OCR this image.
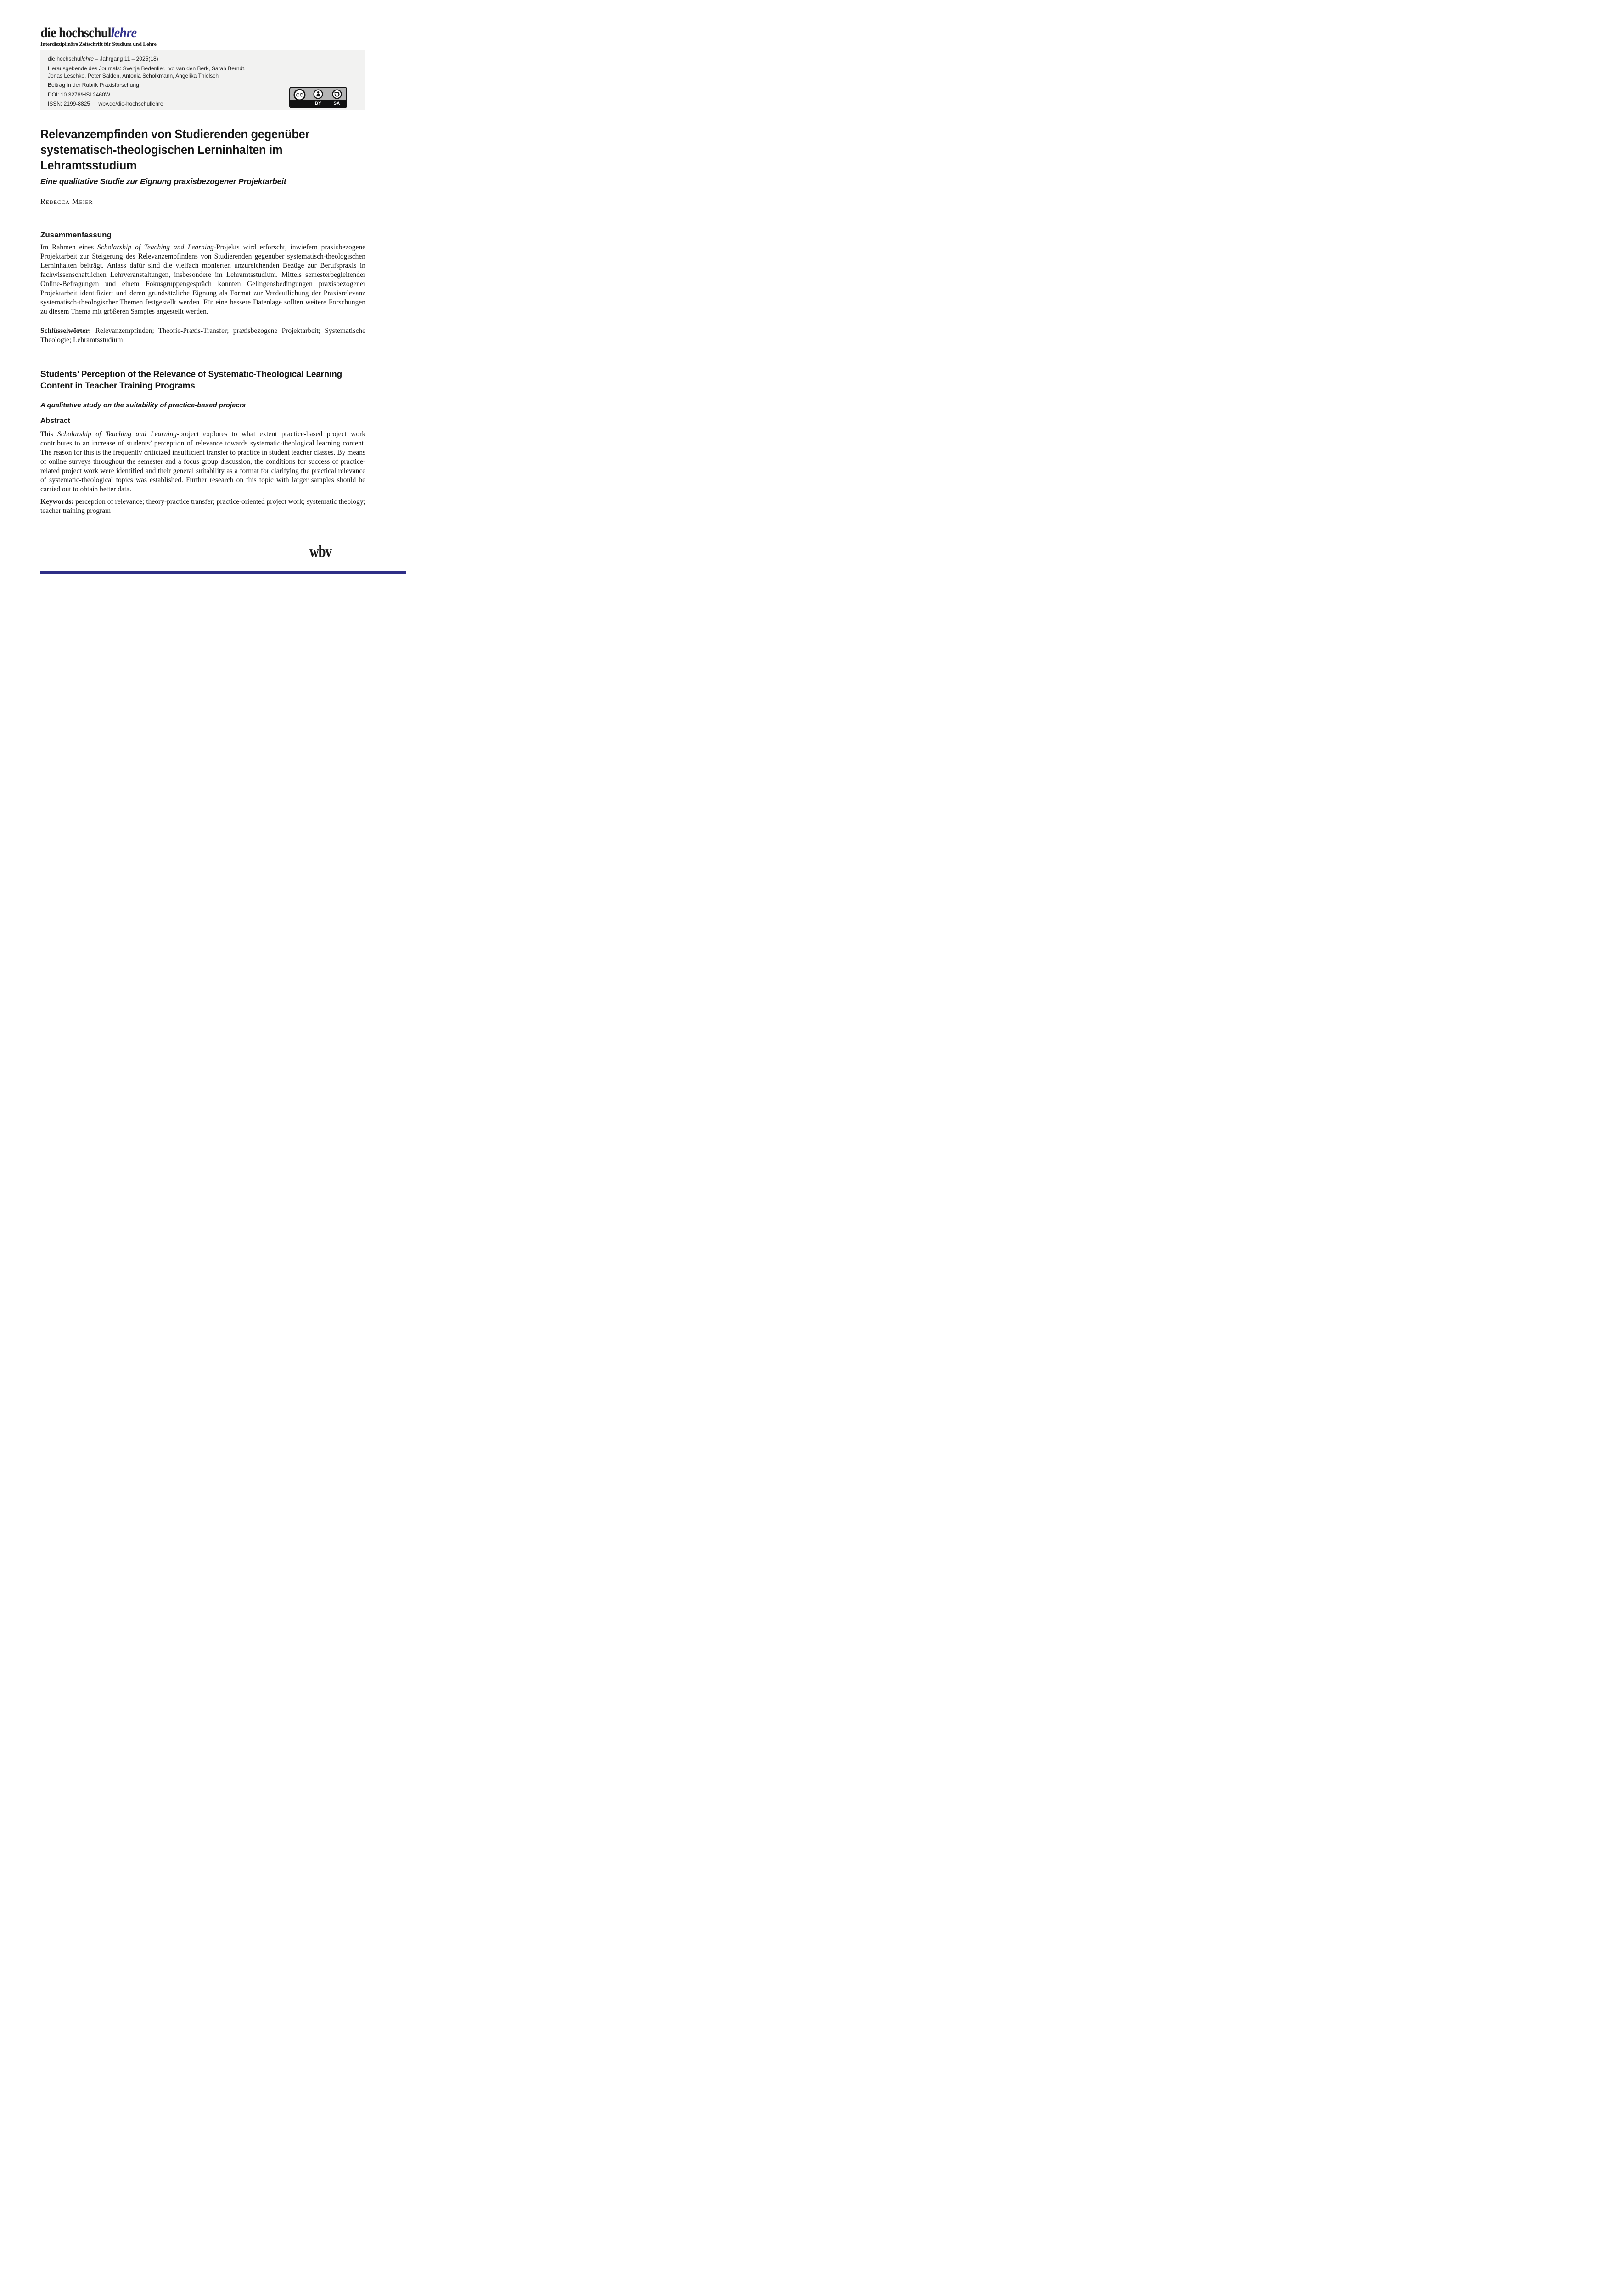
die hochschullehre
Interdisziplinäre Zeitschrift für Studium und Lehre

die hochschullehre – Jahrgang 11 – 2025(18)

Herausgebende des Journals: Svenja Bedenlier, Ivo van den Berk, Sarah Berndt, Jonas Leschke, Peter Salden, Antonia Scholkmann, Angelika Thielsch

Beitrag in der Rubrik Praxisforschung

DOI: 10.3278/HSL2460W

ISSN: 2199-8825 wbv.de/die-hochschullehre

CC
BY	SA
Relevanzempfinden von Studierenden gegenüber
systematisch-theologischen Lerninhalten im
Lehramtsstudium
Eine qualitative Studie zur Eignung praxisbezogener Projektarbeit
Rebecca Meier
Zusammenfassung

Im Rahmen eines Scholarship of Teaching and Learning-Projekts wird erforscht, inwiefern praxisbezogene Projektarbeit zur Steigerung des Relevanzempfindens von Studierenden gegenüber systematisch-theologischen Lerninhalten beiträgt. Anlass dafür sind die vielfach monierten unzureichenden Bezüge zur Berufspraxis in fachwissenschaftlichen Lehrveranstaltungen, insbesondere im Lehramtsstudium. Mittels semesterbegleitender Online-Befragungen und einem Fokusgruppengespräch konnten Gelingensbedingungen praxisbezogener Projektarbeit identifiziert und deren grundsätzliche Eignung als Format zur Verdeutlichung der Praxisrelevanz systematisch-theologischer Themen festgestellt werden. Für eine bessere Datenlage sollten weitere Forschungen zu diesem Thema mit größeren Samples angestellt werden.

Schlüsselwörter: Relevanzempfinden; Theorie-Praxis-Transfer; praxisbezogene Projektarbeit; Systematische Theologie; Lehramtsstudium

Students’ Perception of the Relevance of Systematic-Theological Learning
Content in Teacher Training Programs
A qualitative study on the suitability of practice-based projects
Abstract

This Scholarship of Teaching and Learning-project explores to what extent practice-based project work contributes to an increase of students’ perception of relevance towards systematic-theological learning content. The reason for this is the frequently criticized insufficient transfer to practice in student teacher classes. By means of online surveys throughout the semester and a focus group discussion, the conditions for success of practice-related project work were identified and their general suitability as a format for clarifying the practical relevance of systematic-theological topics was established. Further research on this topic with larger samples should be carried out to obtain better data.

Keywords: perception of relevance; theory-practice transfer; practice-oriented project work; systematic theology; teacher training program

wbv
